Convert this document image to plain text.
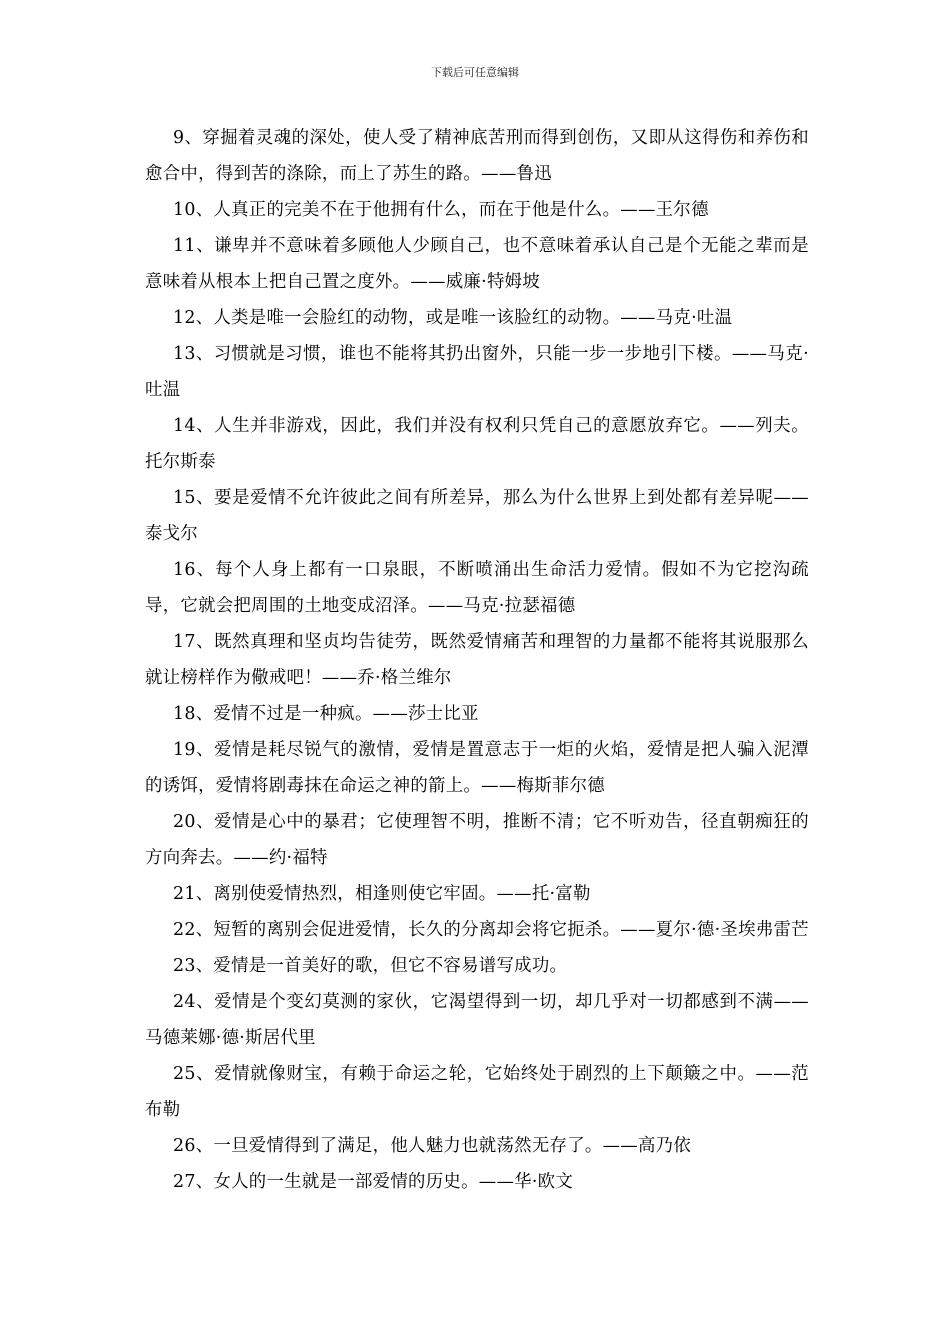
下载后可任意编辑

9、穿掘着灵魂的深处，使人受了精神底苦刑而得到创伤，又即从这得伤和养伤和愈合中，得到苦的涤除，而上了苏生的路。——鲁迅

10、人真正的完美不在于他拥有什么，而在于他是什么。——王尔德

11、谦卑并不意味着多顾他人少顾自己，也不意味着承认自己是个无能之辈而是意味着从根本上把自己置之度外。——威廉·特姆坡

12、人类是唯一会脸红的动物，或是唯一该脸红的动物。——马克·吐温

13、习惯就是习惯，谁也不能将其扔出窗外，只能一步一步地引下楼。——马克·吐温

14、人生并非游戏，因此，我们并没有权利只凭自己的意愿放弃它。——列夫。托尔斯泰

15、要是爱情不允许彼此之间有所差异，那么为什么世界上到处都有差异呢——泰戈尔

16、每个人身上都有一口泉眼，不断喷涌出生命活力爱情。假如不为它挖沟疏导，它就会把周围的土地变成沼泽。——马克·拉瑟福德

17、既然真理和坚贞均告徒劳，既然爱情痛苦和理智的力量都不能将其说服那么就让榜样作为儆戒吧！——乔·格兰维尔

18、爱情不过是一种疯。——莎士比亚

19、爱情是耗尽锐气的激情，爱情是置意志于一炬的火焰，爱情是把人骗入泥潭的诱饵，爱情将剧毒抹在命运之神的箭上。——梅斯菲尔德

20、爱情是心中的暴君；它使理智不明，推断不清；它不听劝告，径直朝痴狂的方向奔去。——约·福特

21、离别使爱情热烈，相逢则使它牢固。——托·富勒

22、短暂的离别会促进爱情，长久的分离却会将它扼杀。——夏尔·德·圣埃弗雷芒

23、爱情是一首美好的歌，但它不容易谱写成功。

24、爱情是个变幻莫测的家伙，它渴望得到一切，却几乎对一切都感到不满——马德莱娜·德·斯居代里

25、爱情就像财宝，有赖于命运之轮，它始终处于剧烈的上下颠簸之中。——范布勒

26、一旦爱情得到了满足，他人魅力也就荡然无存了。——高乃依

27、女人的一生就是一部爱情的历史。——华·欧文
